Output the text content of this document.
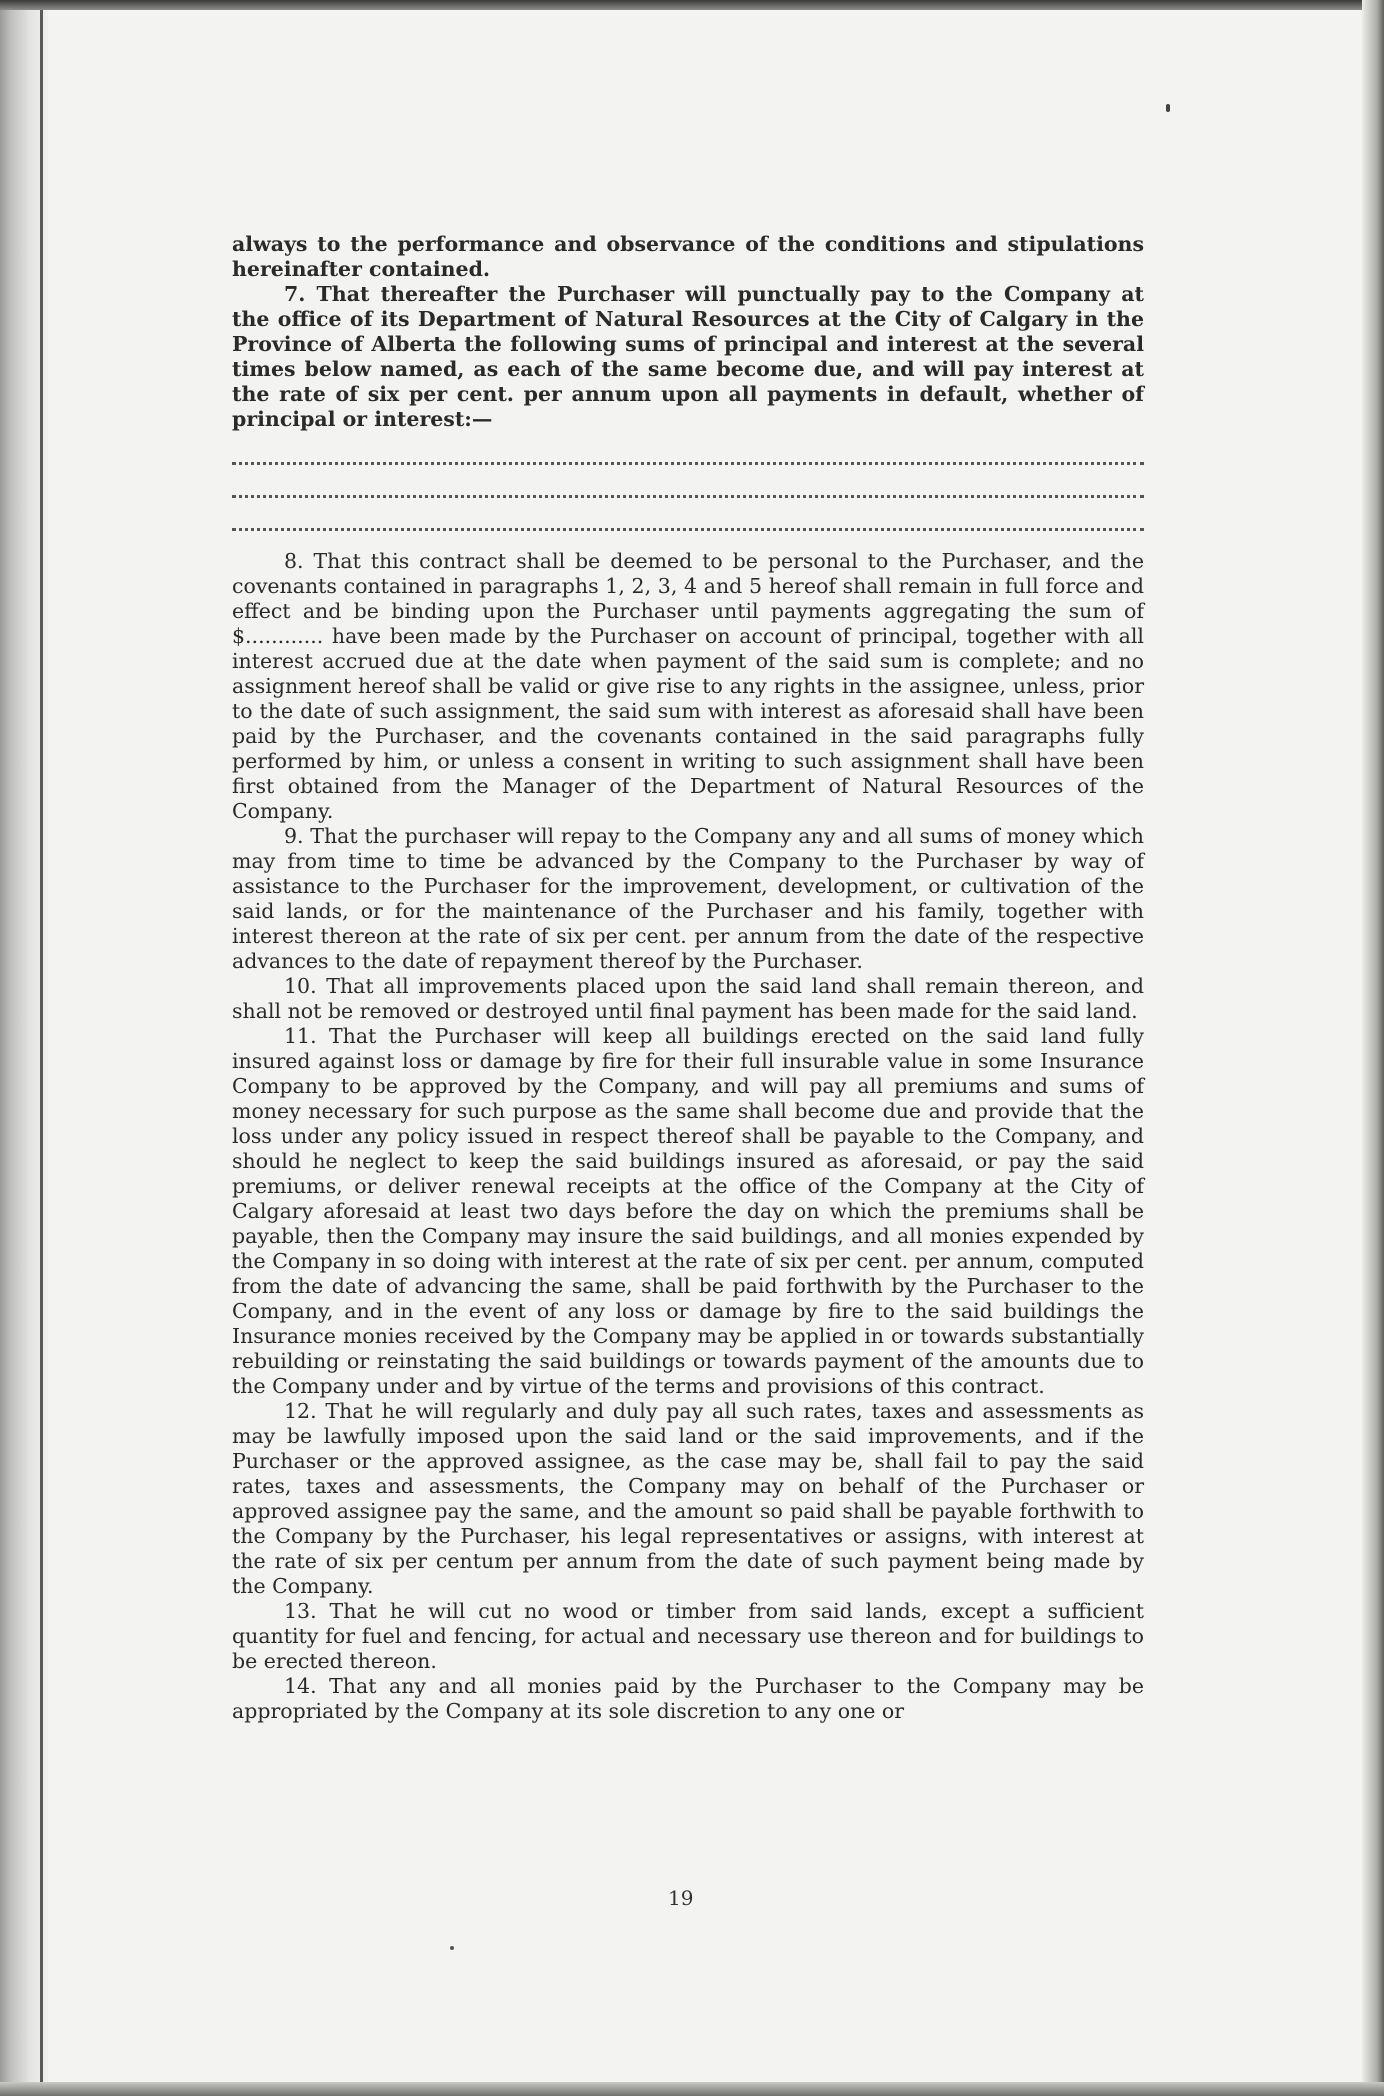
always to the performance and observance of the conditions and stipulations hereinafter contained.

7. That thereafter the Purchaser will punctually pay to the Company at the office of its Department of Natural Resources at the City of Calgary in the Province of Alberta the following sums of principal and interest at the several times below named, as each of the same become due, and will pay interest at the rate of six per cent. per annum upon all payments in default, whether of principal or interest:—

8. That this contract shall be deemed to be personal to the Purchaser, and the covenants contained in paragraphs 1, 2, 3, 4 and 5 hereof shall remain in full force and effect and be binding upon the Purchaser until payments aggregating the sum of $............ have been made by the Purchaser on account of principal, together with all interest accrued due at the date when payment of the said sum is complete; and no assignment hereof shall be valid or give rise to any rights in the assignee, unless, prior to the date of such assignment, the said sum with interest as aforesaid shall have been paid by the Purchaser, and the covenants contained in the said paragraphs fully performed by him, or unless a consent in writing to such assignment shall have been first obtained from the Manager of the Department of Natural Resources of the Company.

9. That the purchaser will repay to the Company any and all sums of money which may from time to time be advanced by the Company to the Purchaser by way of assistance to the Purchaser for the improvement, development, or cultivation of the said lands, or for the maintenance of the Purchaser and his family, together with interest thereon at the rate of six per cent. per annum from the date of the respective advances to the date of repayment thereof by the Purchaser.

10. That all improvements placed upon the said land shall remain thereon, and shall not be removed or destroyed until final payment has been made for the said land.

11. That the Purchaser will keep all buildings erected on the said land fully insured against loss or damage by fire for their full insurable value in some Insurance Company to be approved by the Company, and will pay all premiums and sums of money necessary for such purpose as the same shall become due and provide that the loss under any policy issued in respect thereof shall be payable to the Company, and should he neglect to keep the said buildings insured as aforesaid, or pay the said premiums, or deliver renewal receipts at the office of the Company at the City of Calgary aforesaid at least two days before the day on which the premiums shall be payable, then the Company may insure the said buildings, and all monies expended by the Company in so doing with interest at the rate of six per cent. per annum, computed from the date of advancing the same, shall be paid forthwith by the Purchaser to the Company, and in the event of any loss or damage by fire to the said buildings the Insurance monies received by the Company may be applied in or towards substantially rebuilding or reinstating the said buildings or towards payment of the amounts due to the Company under and by virtue of the terms and provisions of this contract.

12. That he will regularly and duly pay all such rates, taxes and assessments as may be lawfully imposed upon the said land or the said improvements, and if the Purchaser or the approved assignee, as the case may be, shall fail to pay the said rates, taxes and assessments, the Company may on behalf of the Purchaser or approved assignee pay the same, and the amount so paid shall be payable forthwith to the Company by the Purchaser, his legal representatives or assigns, with interest at the rate of six per centum per annum from the date of such payment being made by the Company.

13. That he will cut no wood or timber from said lands, except a sufficient quantity for fuel and fencing, for actual and necessary use thereon and for buildings to be erected thereon.

14. That any and all monies paid by the Purchaser to the Company may be appropriated by the Company at its sole discretion to any one or

19
